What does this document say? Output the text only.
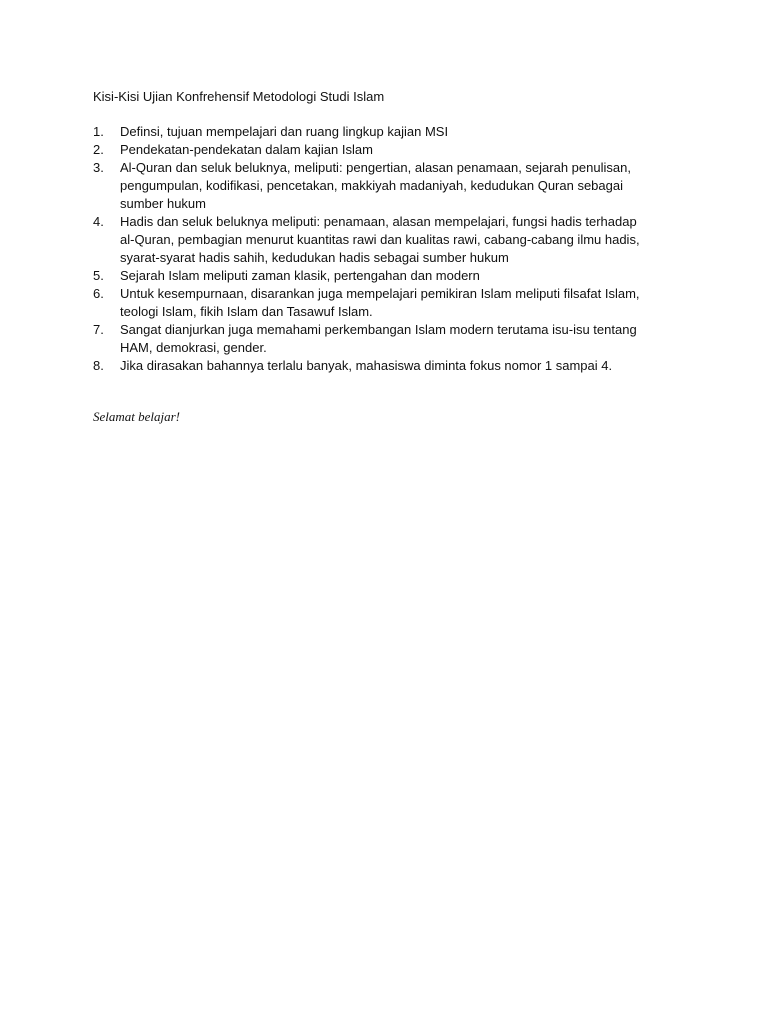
Kisi-Kisi Ujian Konfrehensif Metodologi Studi Islam

1.	Definsi, tujuan mempelajari dan ruang lingkup kajian MSI
2.	Pendekatan-pendekatan dalam kajian Islam
3.	Al-Quran dan seluk beluknya, meliputi: pengertian, alasan penamaan, sejarah penulisan, pengumpulan, kodifikasi, pencetakan, makkiyah madaniyah, kedudukan Quran sebagai sumber hukum
4.	Hadis dan seluk beluknya meliputi: penamaan, alasan mempelajari, fungsi hadis terhadap al-Quran, pembagian menurut kuantitas rawi dan kualitas rawi, cabang-cabang ilmu hadis, syarat-syarat hadis sahih, kedudukan hadis sebagai sumber hukum
5.	Sejarah Islam meliputi zaman klasik, pertengahan dan modern
6.	Untuk kesempurnaan, disarankan juga mempelajari pemikiran Islam meliputi filsafat Islam, teologi Islam, fikih Islam dan Tasawuf Islam.
7.	Sangat dianjurkan juga memahami perkembangan Islam modern terutama isu-isu tentang HAM, demokrasi, gender.
8.	Jika dirasakan bahannya terlalu banyak, mahasiswa diminta fokus nomor 1 sampai 4.

Selamat belajar!
